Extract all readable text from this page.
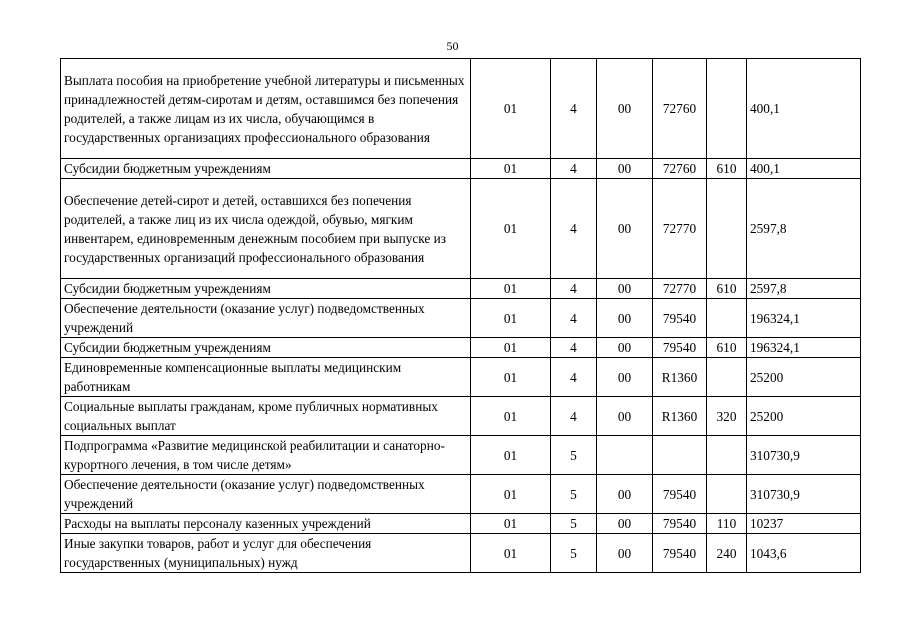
50
Выплата пособия на приобретение учебной литературы и письменных принадлежностей детям-сиротам и детям, оставшимся без попечения родителей, а также лицам из их числа, обучающимся в государственных организациях профессионального образования	01	4	00	72760		400,1
Субсидии бюджетным учреждениям	01	4	00	72760	610	400,1
Обеспечение детей-сирот и детей, оставшихся без попечения родителей, а также лиц из их числа одеждой, обувью, мягким инвентарем, единовременным денежным пособием при выпуске из государственных организаций профессионального образования	01	4	00	72770		2597,8
Субсидии бюджетным учреждениям	01	4	00	72770	610	2597,8
Обеспечение деятельности (оказание услуг) подведомственных учреждений	01	4	00	79540		196324,1
Субсидии бюджетным учреждениям	01	4	00	79540	610	196324,1
Единовременные компенсационные выплаты медицинским работникам	01	4	00	R1360		25200
Социальные выплаты гражданам, кроме публичных нормативных социальных выплат	01	4	00	R1360	320	25200
Подпрограмма «Развитие медицинской реабилитации и санаторно-курортного лечения, в том числе детям»	01	5				310730,9
Обеспечение деятельности (оказание услуг) подведомственных учреждений	01	5	00	79540		310730,9
Расходы на выплаты персоналу казенных учреждений	01	5	00	79540	110	10237
Иные закупки товаров, работ и услуг для обеспечения государственных (муниципальных) нужд	01	5	00	79540	240	1043,6
